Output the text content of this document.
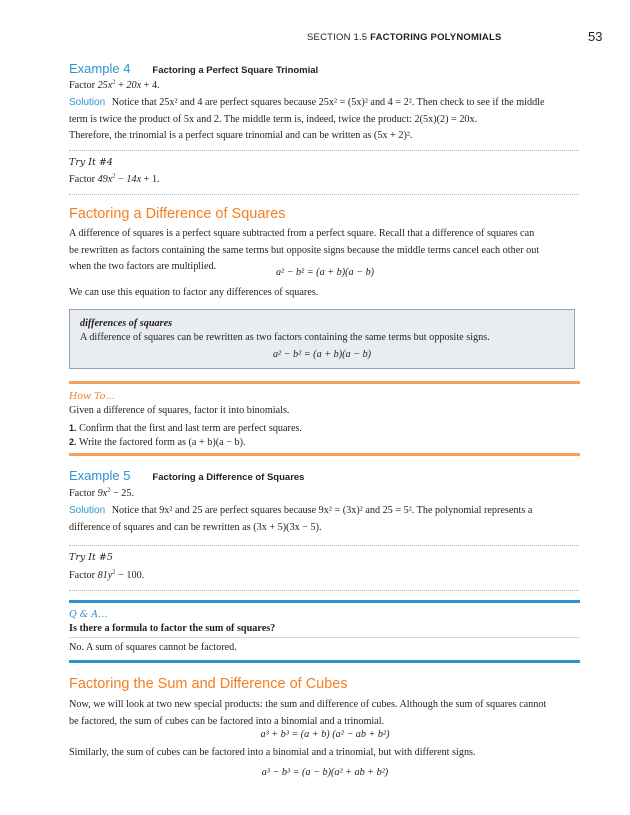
SECTION 1.5 FACTORING POLYNOMIALS	53
Example 4 Factoring a Perfect Square Trinomial
Factor $25x^2 + 20x + 4$.
Solution Notice that 25x² and 4 are perfect squares because 25x² = (5x)² and 4 = 2². Then check to see if the middle
term is twice the product of 5x and 2. The middle term is, indeed, twice the product: 2(5x)(2) = 20x.
Therefore, the trinomial is a perfect square trinomial and can be written as (5x + 2)².
Try It #4
Factor $49x^2 - 14x + 1$.
Factoring a Difference of Squares
A difference of squares is a perfect square subtracted from a perfect square. Recall that a difference of squares can
be rewritten as factors containing the same terms but opposite signs because the middle terms cancel each other out
when the two factors are multiplied.
a² − b² = (a + b)(a − b)
We can use this equation to factor any differences of squares.
differences of squares
A difference of squares can be rewritten as two factors containing the same terms but opposite signs.
a² − b² = (a + b)(a − b)
How To…
Given a difference of squares, factor it into binomials.
1. Confirm that the first and last term are perfect squares.
2. Write the factored form as (a + b)(a − b).
Example 5 Factoring a Difference of Squares
Factor $9x^2 - 25$.
Solution Notice that 9x² and 25 are perfect squares because 9x² = (3x)² and 25 = 5². The polynomial represents a
difference of squares and can be rewritten as (3x + 5)(3x − 5).
Try It #5
Factor $81y^2 - 100$.
Q & A…
Is there a formula to factor the sum of squares?
No. A sum of squares cannot be factored.
Factoring the Sum and Difference of Cubes
Now, we will look at two new special products: the sum and difference of cubes. Although the sum of squares cannot
be factored, the sum of cubes can be factored into a binomial and a trinomial.
a³ + b³ = (a + b) (a² − ab + b²)
Similarly, the sum of cubes can be factored into a binomial and a trinomial, but with different signs.
a³ − b³ = (a − b)(a² + ab + b²)
